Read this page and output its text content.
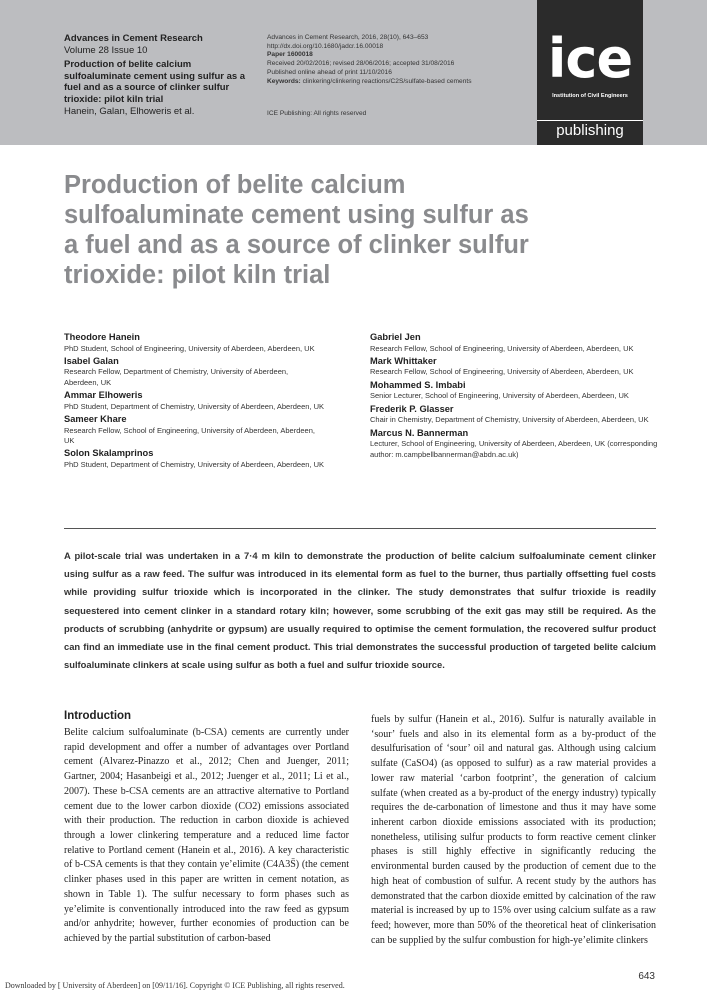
Advances in Cement Research
Volume 28 Issue 10
Production of belite calcium sulfoaluminate cement using sulfur as a fuel and as a source of clinker sulfur trioxide: pilot kiln trial
Hanein, Galan, Elhoweris et al.
Advances in Cement Research, 2016, 28(10), 643–653
http://dx.doi.org/10.1680/jadcr.16.00018
Paper 1600018
Received 20/02/2016; revised 28/06/2016; accepted 31/08/2016
Published online ahead of print 11/10/2016
Keywords: clinkering/clinkering reactions/C2S/sulfate-based cements
ICE Publishing: All rights reserved
ice
Institution of Civil Engineers
publishing
Production of belite calcium sulfoaluminate cement using sulfur as a fuel and as a source of clinker sulfur trioxide: pilot kiln trial
Theodore Hanein
PhD Student, School of Engineering, University of Aberdeen, Aberdeen, UK
Isabel Galan
Research Fellow, Department of Chemistry, University of Aberdeen, Aberdeen, UK
Ammar Elhoweris
PhD Student, Department of Chemistry, University of Aberdeen, Aberdeen, UK
Sameer Khare
Research Fellow, School of Engineering, University of Aberdeen, Aberdeen, UK
Solon Skalamprinos
PhD Student, Department of Chemistry, University of Aberdeen, Aberdeen, UK
Gabriel Jen
Research Fellow, School of Engineering, University of Aberdeen, Aberdeen, UK
Mark Whittaker
Research Fellow, School of Engineering, University of Aberdeen, Aberdeen, UK
Mohammed S. Imbabi
Senior Lecturer, School of Engineering, University of Aberdeen, Aberdeen, UK
Frederik P. Glasser
Chair in Chemistry, Department of Chemistry, University of Aberdeen, Aberdeen, UK
Marcus N. Bannerman
Lecturer, School of Engineering, University of Aberdeen, Aberdeen, UK (corresponding author: m.campbellbannerman@abdn.ac.uk)

A pilot-scale trial was undertaken in a 7·4 m kiln to demonstrate the production of belite calcium sulfoaluminate cement clinker using sulfur as a raw feed. The sulfur was introduced in its elemental form as fuel to the burner, thus partially offsetting fuel costs while providing sulfur trioxide which is incorporated in the clinker. The study demonstrates that sulfur trioxide is readily sequestered into cement clinker in a standard rotary kiln; however, some scrubbing of the exit gas may still be required. As the products of scrubbing (anhydrite or gypsum) are usually required to optimise the cement formulation, the recovered sulfur product can find an immediate use in the final cement product. This trial demonstrates the successful production of targeted belite calcium sulfoaluminate clinkers at scale using sulfur as both a fuel and sulfur trioxide source.

Introduction

Belite calcium sulfoaluminate (b-CSA) cements are currently under rapid development and offer a number of advantages over Portland cement (Alvarez-Pinazzo et al., 2012; Chen and Juenger, 2011; Gartner, 2004; Hasanbeigi et al., 2012; Juenger et al., 2011; Li et al., 2007). These b-CSA cements are an attractive alternative to Portland cement due to the lower carbon dioxide (CO2) emissions associated with their production. The reduction in carbon dioxide is achieved through a lower clinkering temperature and a reduced lime factor relative to Portland cement (Hanein et al., 2016). A key characteristic of b-CSA cements is that they contain ye’elimite (C4A3S̄) (the cement clinker phases used in this paper are written in cement notation, as shown in Table 1). The sulfur necessary to form phases such as ye’elimite is conventionally introduced into the raw feed as gypsum and/or anhydrite; however, further economies of production can be achieved by the partial substitution of carbon-based

fuels by sulfur (Hanein et al., 2016). Sulfur is naturally available in ‘sour’ fuels and also in its elemental form as a by-product of the desulfurisation of ‘sour’ oil and natural gas. Although using calcium sulfate (CaSO4) (as opposed to sulfur) as a raw material provides a lower raw material ‘carbon footprint’, the generation of calcium sulfate (when created as a by-product of the energy industry) typically requires the de-carbonation of limestone and thus it may have some inherent carbon dioxide emissions associated with its production; nonetheless, utilising sulfur products to form reactive cement clinker phases is still highly effective in significantly reducing the environmental burden caused by the production of cement due to the high heat of combustion of sulfur. A recent study by the authors has demonstrated that the carbon dioxide emitted by calcination of the raw material is increased by up to 15% over using calcium sulfate as a raw feed; however, more than 50% of the theoretical heat of clinkerisation can be supplied by the sulfur combustion for high-ye’elimite clinkers

Downloaded by [ University of Aberdeen] on [09/11/16]. Copyright © ICE Publishing, all rights reserved.
643
